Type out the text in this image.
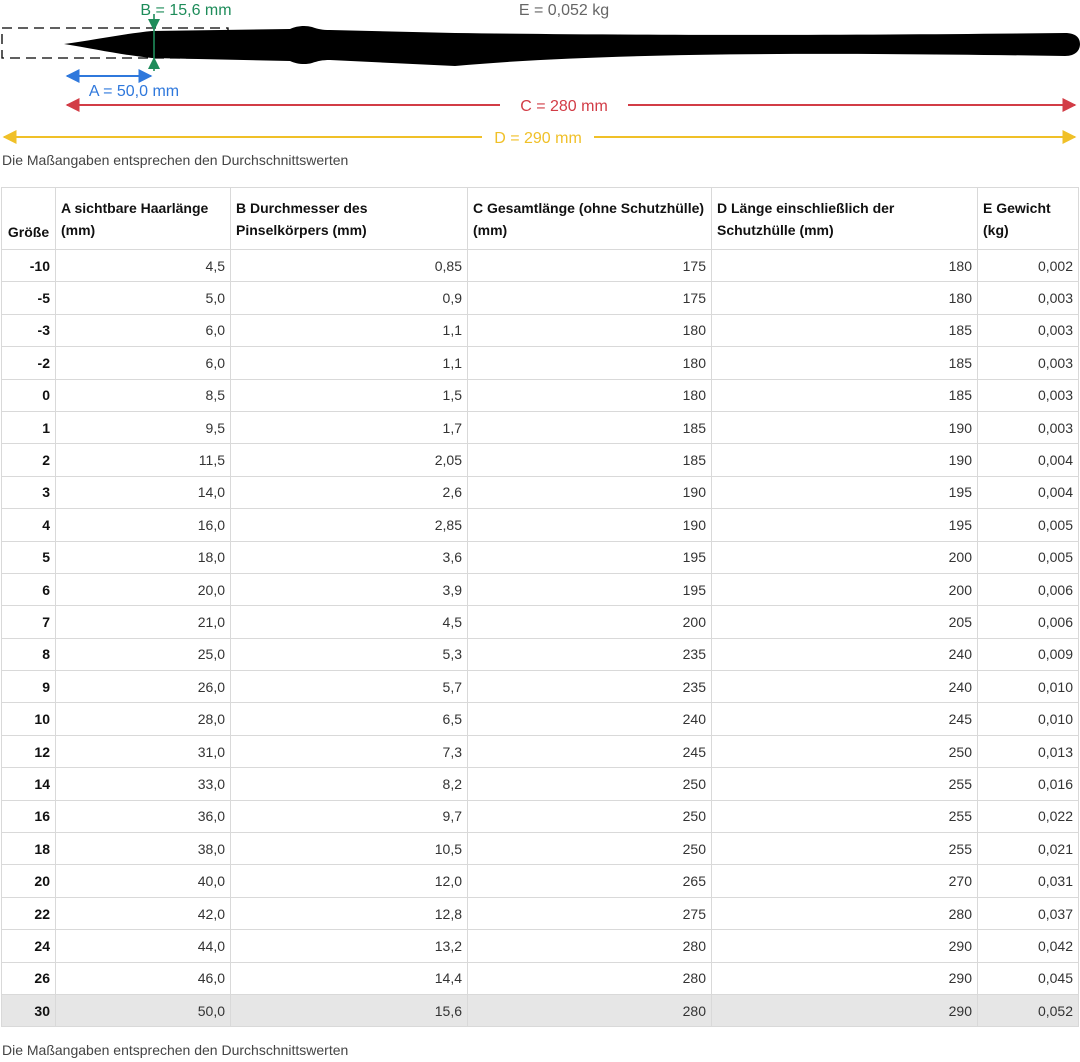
E = 0,052 kg
B = 15,6 mm
A = 50,0 mm
C = 280 mm
D = 290 mm
Die Maßangaben entsprechen den Durchschnittswerten
Größe	A sichtbare Haarlänge (mm)	B Durchmesser des Pinselkörpers (mm)	C Gesamtlänge (ohne Schutzhülle) (mm)	D Länge einschließlich der Schutzhülle (mm)	E Gewicht (kg)
-10	4,5	0,85	175	180	0,002
-5	5,0	0,9	175	180	0,003
-3	6,0	1,1	180	185	0,003
-2	6,0	1,1	180	185	0,003
0	8,5	1,5	180	185	0,003
1	9,5	1,7	185	190	0,003
2	11,5	2,05	185	190	0,004
3	14,0	2,6	190	195	0,004
4	16,0	2,85	190	195	0,005
5	18,0	3,6	195	200	0,005
6	20,0	3,9	195	200	0,006
7	21,0	4,5	200	205	0,006
8	25,0	5,3	235	240	0,009
9	26,0	5,7	235	240	0,010
10	28,0	6,5	240	245	0,010
12	31,0	7,3	245	250	0,013
14	33,0	8,2	250	255	0,016
16	36,0	9,7	250	255	0,022
18	38,0	10,5	250	255	0,021
20	40,0	12,0	265	270	0,031
22	42,0	12,8	275	280	0,037
24	44,0	13,2	280	290	0,042
26	46,0	14,4	280	290	0,045
30	50,0	15,6	280	290	0,052
Die Maßangaben entsprechen den Durchschnittswerten
